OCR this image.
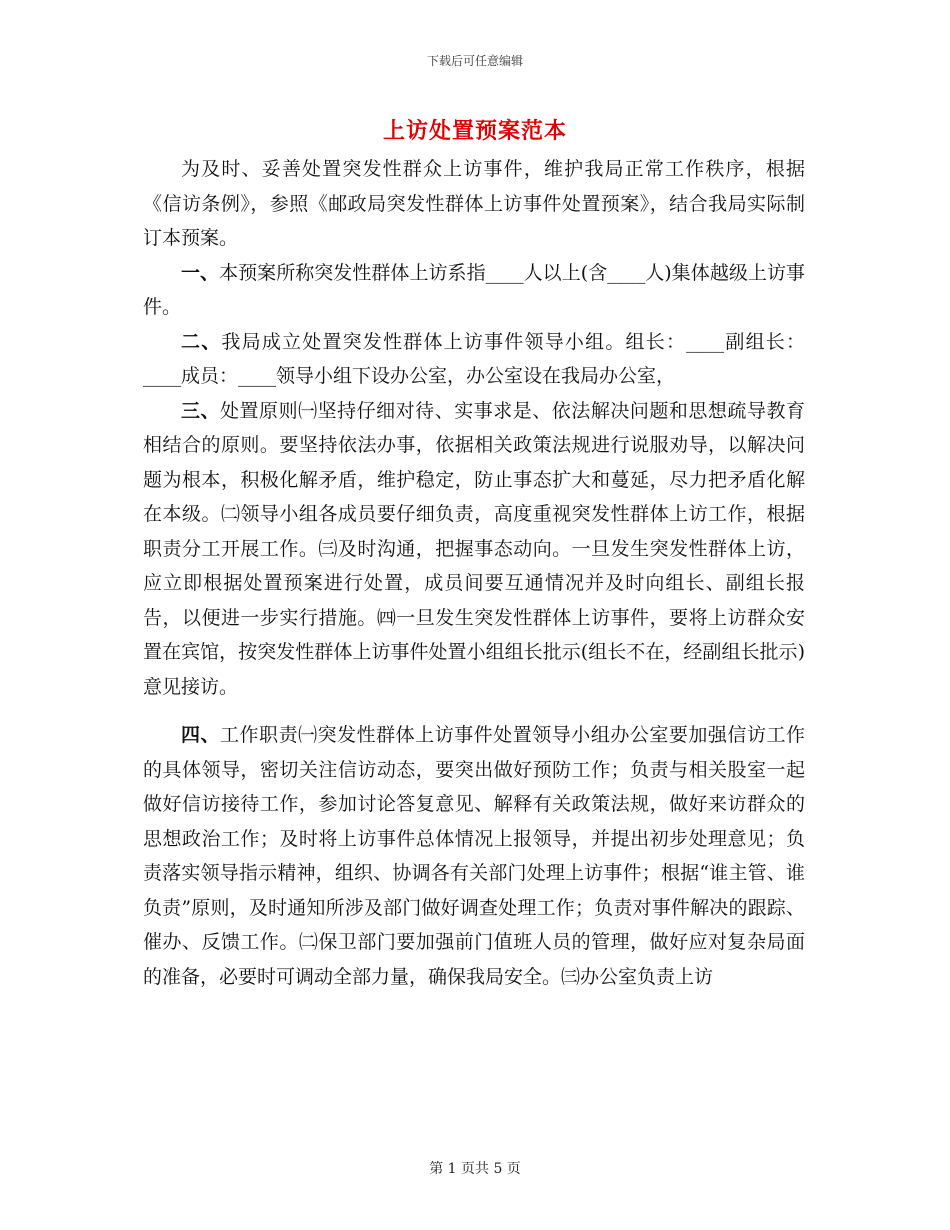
下载后可任意编辑
上访处置预案范本

为及时、妥善处置突发性群众上访事件，维护我局正常工作秩序，根据《信访条例》，参照《邮政局突发性群体上访事件处置预案》，结合我局实际制订本预案。

一、本预案所称突发性群体上访系指____人以上(含____人)集体越级上访事件。

二、我局成立处置突发性群体上访事件领导小组。组长：____副组长：____成员：____领导小组下设办公室，办公室设在我局办公室，

三、处置原则㈠坚持仔细对待、实事求是、依法解决问题和思想疏导教育相结合的原则。要坚持依法办事，依据相关政策法规进行说服劝导，以解决问题为根本，积极化解矛盾，维护稳定，防止事态扩大和蔓延，尽力把矛盾化解在本级。㈡领导小组各成员要仔细负责，高度重视突发性群体上访工作，根据职责分工开展工作。㈢及时沟通，把握事态动向。一旦发生突发性群体上访，应立即根据处置预案进行处置，成员间要互通情况并及时向组长、副组长报告，以便进一步实行措施。㈣一旦发生突发性群体上访事件，要将上访群众安置在宾馆，按突发性群体上访事件处置小组组长批示(组长不在，经副组长批示)意见接访。

四、工作职责㈠突发性群体上访事件处置领导小组办公室要加强信访工作的具体领导，密切关注信访动态，要突出做好预防工作；负责与相关股室一起做好信访接待工作，参加讨论答复意见、解释有关政策法规，做好来访群众的思想政治工作；及时将上访事件总体情况上报领导，并提出初步处理意见；负责落实领导指示精神，组织、协调各有关部门处理上访事件；根据“谁主管、谁负责”原则，及时通知所涉及部门做好调查处理工作；负责对事件解决的跟踪、催办、反馈工作。㈡保卫部门要加强前门值班人员的管理，做好应对复杂局面的准备，必要时可调动全部力量，确保我局安全。㈢办公室负责上访

第 1 页共 5 页
